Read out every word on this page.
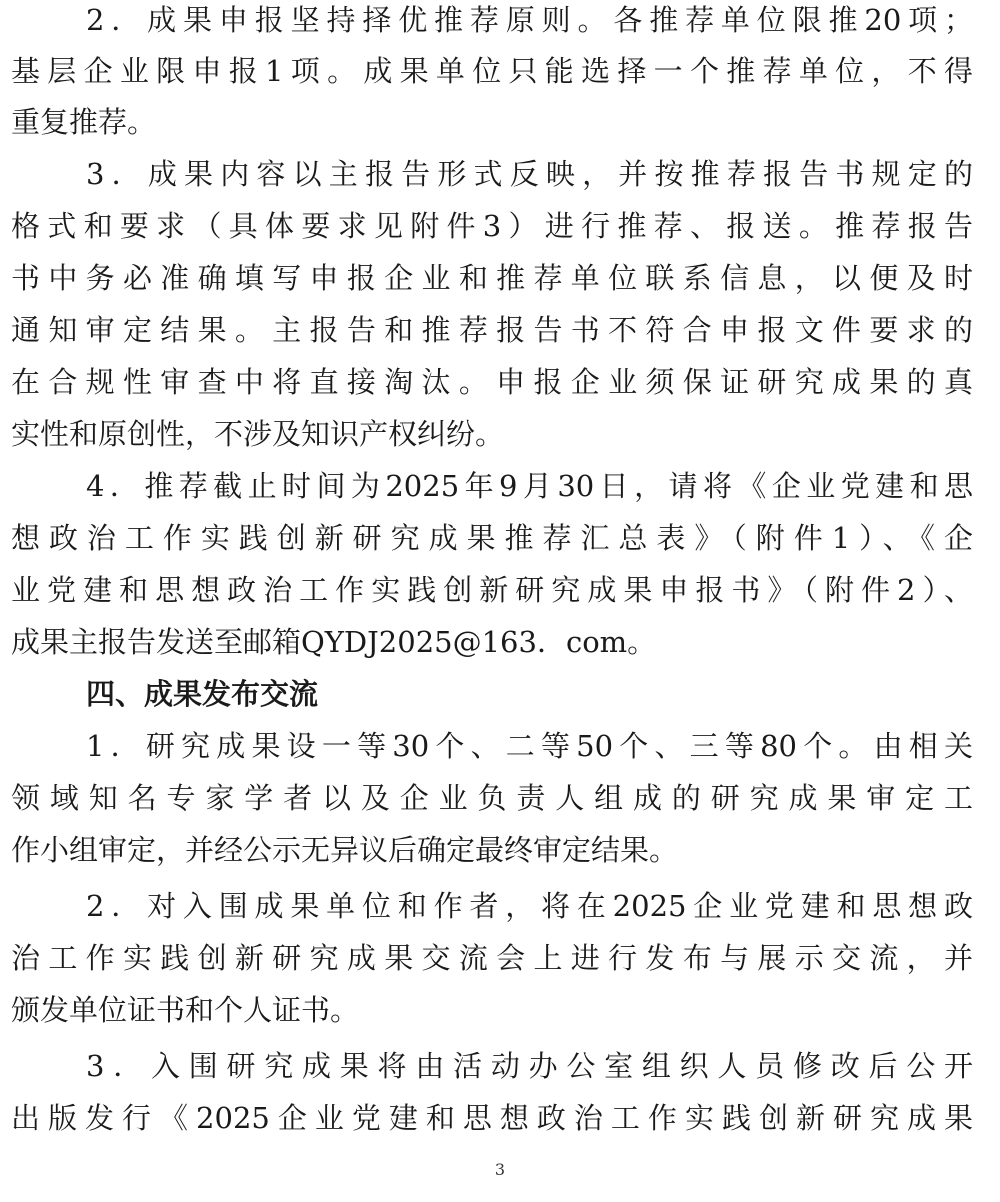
2．成果申报坚持择优推荐原则。各推荐单位限推20项；
基层企业限申报1项。成果单位只能选择一个推荐单位，不得
重复推荐。
3．成果内容以主报告形式反映，并按推荐报告书规定的
格式和要求（具体要求见附件3）进行推荐、报送。推荐报告
书中务必准确填写申报企业和推荐单位联系信息，以便及时
通知审定结果。主报告和推荐报告书不符合申报文件要求的
在合规性审查中将直接淘汰。申报企业须保证研究成果的真
实性和原创性，不涉及知识产权纠纷。
4．推荐截止时间为2025年9月30日，请将《企业党建和思
想政治工作实践创新研究成果推荐汇总表》（附件1）、《企
业党建和思想政治工作实践创新研究成果申报书》（附件2）、
成果主报告发送至邮箱QYDJ2025@163．com。
四、成果发布交流
1．研究成果设一等30个、二等50个、三等80个。由相关
领域知名专家学者以及企业负责人组成的研究成果审定工
作小组审定，并经公示无异议后确定最终审定结果。
2．对入围成果单位和作者，将在2025企业党建和思想政
治工作实践创新研究成果交流会上进行发布与展示交流，并
颁发单位证书和个人证书。
3．入围研究成果将由活动办公室组织人员修改后公开
出版发行《2025企业党建和思想政治工作实践创新研究成果
3
